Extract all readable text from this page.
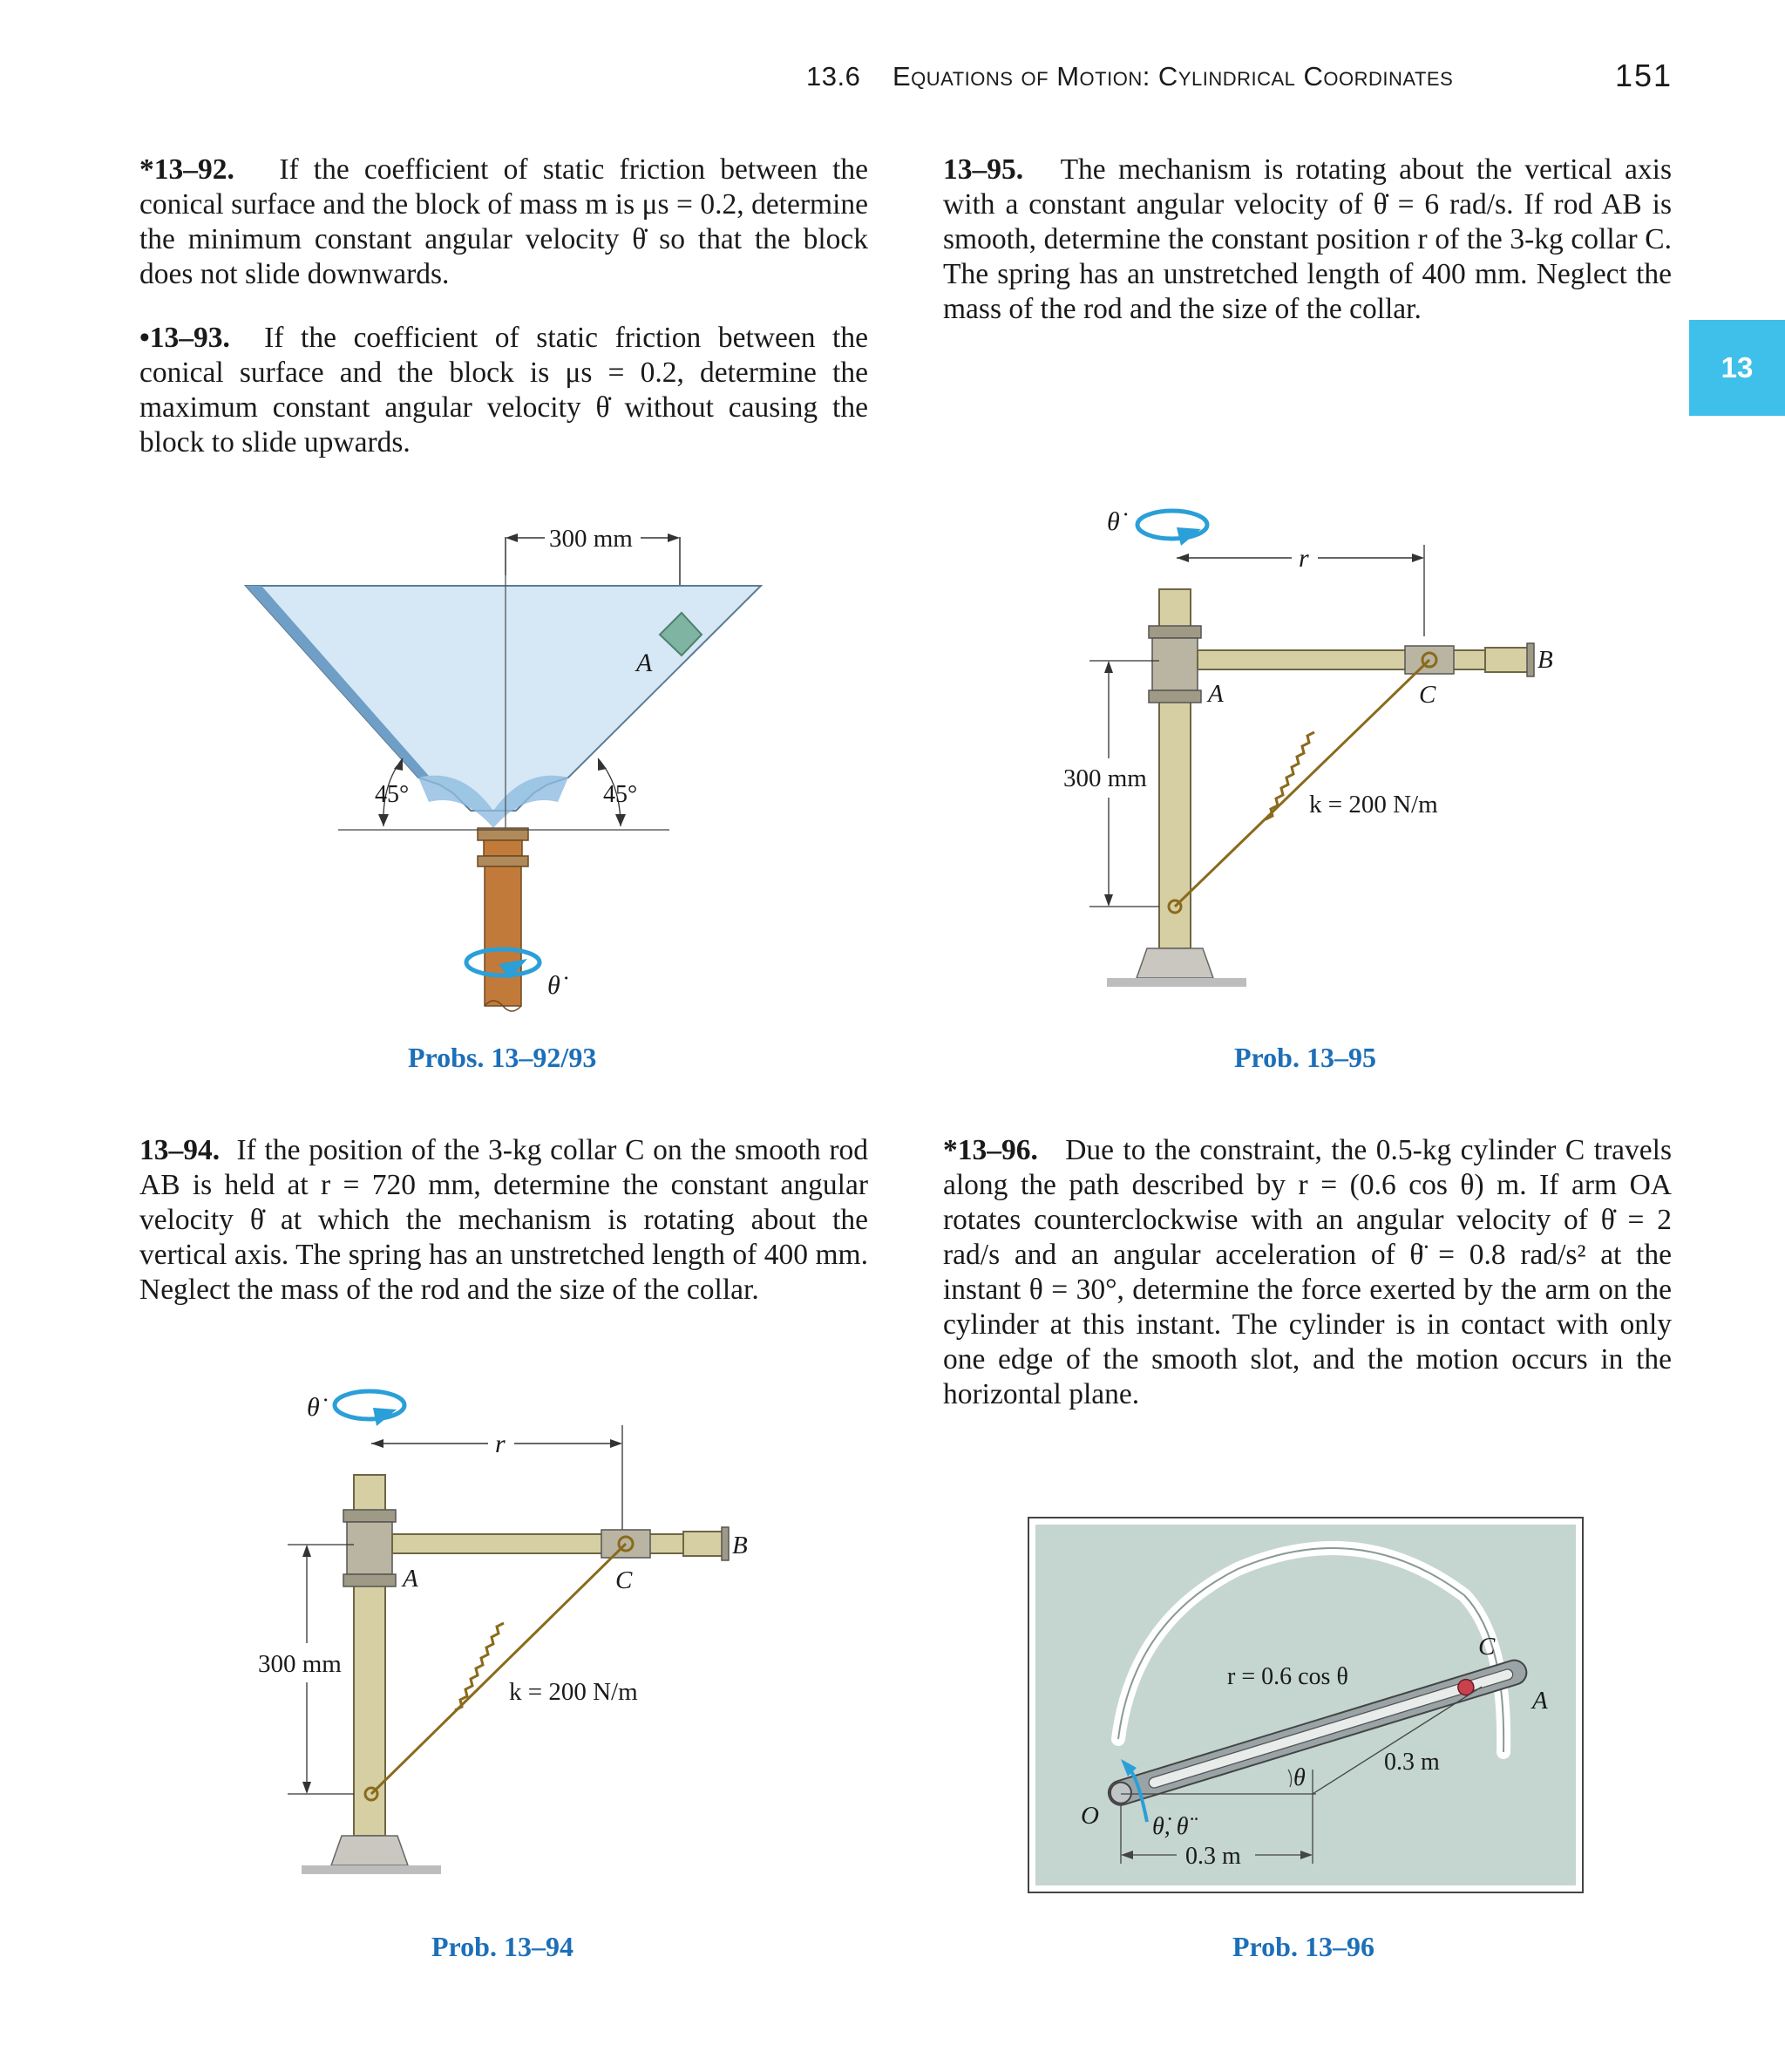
13.6 Equations of Motion: Cylindrical Coordinates	151
13
*13–92. If the coefficient of static friction between the conical surface and the block of mass m is μs = 0.2, determine the minimum constant angular velocity θ̇ so that the block does not slide downwards.
•13–93. If the coefficient of static friction between the conical surface and the block is μs = 0.2, determine the maximum constant angular velocity θ̇ without causing the block to slide upwards.
13–95. The mechanism is rotating about the vertical axis with a constant angular velocity of θ̇ = 6 rad/s. If rod AB is smooth, determine the constant position r of the 3-kg collar C. The spring has an unstretched length of 400 mm. Neglect the mass of the rod and the size of the collar.
13–94. If the position of the 3-kg collar C on the smooth rod AB is held at r = 720 mm, determine the constant angular velocity θ̇ at which the mechanism is rotating about the vertical axis. The spring has an unstretched length of 400 mm. Neglect the mass of the rod and the size of the collar.
*13–96. Due to the constraint, the 0.5-kg cylinder C travels along the path described by r = (0.6 cos θ) m. If arm OA rotates counterclockwise with an angular velocity of θ̇ = 2 rad/s and an angular acceleration of θ̈ = 0.8 rad/s² at the instant θ = 30°, determine the force exerted by the arm on the cylinder at this instant. The cylinder is in contact with only one edge of the smooth slot, and the motion occurs in the horizontal plane.
300 mm
A
θ̇
45°	45°
θ̇
r
A
B
C
k = 200 N/m
300 mm
θ̇
r
A
B
C
k = 200 N/m
300 mm	r = 0.6 cos θ
C
A
O
θ
θ̇, θ̈
0.3 m
0.3 m
Probs. 13–92/93	Prob. 13–95
Prob. 13–94	Prob. 13–96
